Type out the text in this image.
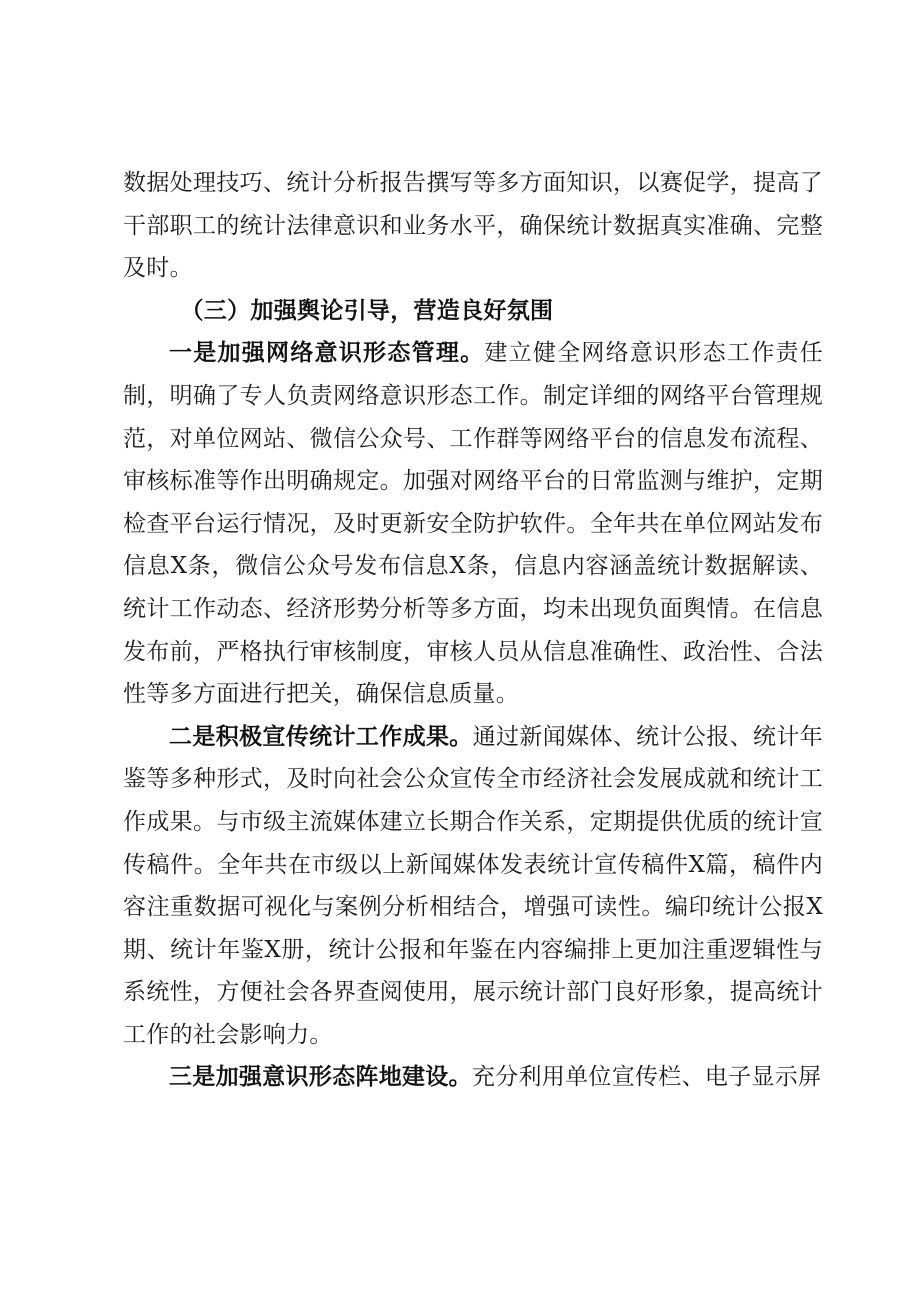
数据处理技巧、统计分析报告撰写等多方面知识，以赛促学，提高了干部职工的统计法律意识和业务水平，确保统计数据真实准确、完整及时。

（三）加强舆论引导，营造良好氛围

一是加强网络意识形态管理。建立健全网络意识形态工作责任制，明确了专人负责网络意识形态工作。制定详细的网络平台管理规范，对单位网站、微信公众号、工作群等网络平台的信息发布流程、审核标准等作出明确规定。加强对网络平台的日常监测与维护，定期检查平台运行情况，及时更新安全防护软件。全年共在单位网站发布信息X条，微信公众号发布信息X条，信息内容涵盖统计数据解读、统计工作动态、经济形势分析等多方面，均未出现负面舆情。在信息发布前，严格执行审核制度，审核人员从信息准确性、政治性、合法性等多方面进行把关，确保信息质量。

二是积极宣传统计工作成果。通过新闻媒体、统计公报、统计年鉴等多种形式，及时向社会公众宣传全市经济社会发展成就和统计工作成果。与市级主流媒体建立长期合作关系，定期提供优质的统计宣传稿件。全年共在市级以上新闻媒体发表统计宣传稿件X篇，稿件内容注重数据可视化与案例分析相结合，增强可读性。编印统计公报X期、统计年鉴X册，统计公报和年鉴在内容编排上更加注重逻辑性与系统性，方便社会各界查阅使用，展示统计部门良好形象，提高统计工作的社会影响力。

三是加强意识形态阵地建设。充分利用单位宣传栏、电子显示屏
